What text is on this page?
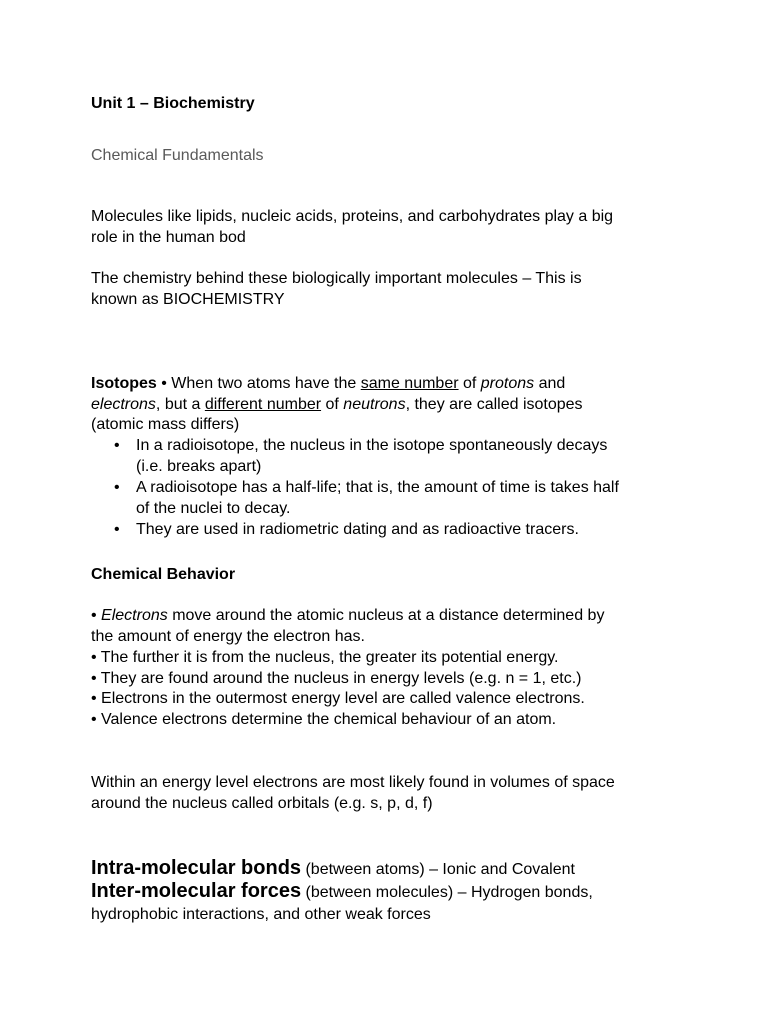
Unit 1 – Biochemistry
Chemical Fundamentals
Molecules like lipids, nucleic acids, proteins, and carbohydrates play a big
role in the human bod
The chemistry behind these biologically important molecules – This is
known as BIOCHEMISTRY
Isotopes • When two atoms have the same number of protons and
electrons, but a different number of neutrons, they are called isotopes
(atomic mass differs)
• In a radioisotope, the nucleus in the isotope spontaneously decays
(i.e. breaks apart)
• A radioisotope has a half-life; that is, the amount of time is takes half
of the nuclei to decay.
• They are used in radiometric dating and as radioactive tracers.
Chemical Behavior
• Electrons move around the atomic nucleus at a distance determined by
the amount of energy the electron has.
• The further it is from the nucleus, the greater its potential energy.
• They are found around the nucleus in energy levels (e.g. n = 1, etc.)
• Electrons in the outermost energy level are called valence electrons.
• Valence electrons determine the chemical behaviour of an atom.
Within an energy level electrons are most likely found in volumes of space
around the nucleus called orbitals (e.g. s, p, d, f)
Intra-molecular bonds (between atoms) – Ionic and Covalent
Inter-molecular forces (between molecules) – Hydrogen bonds,
hydrophobic interactions, and other weak forces
